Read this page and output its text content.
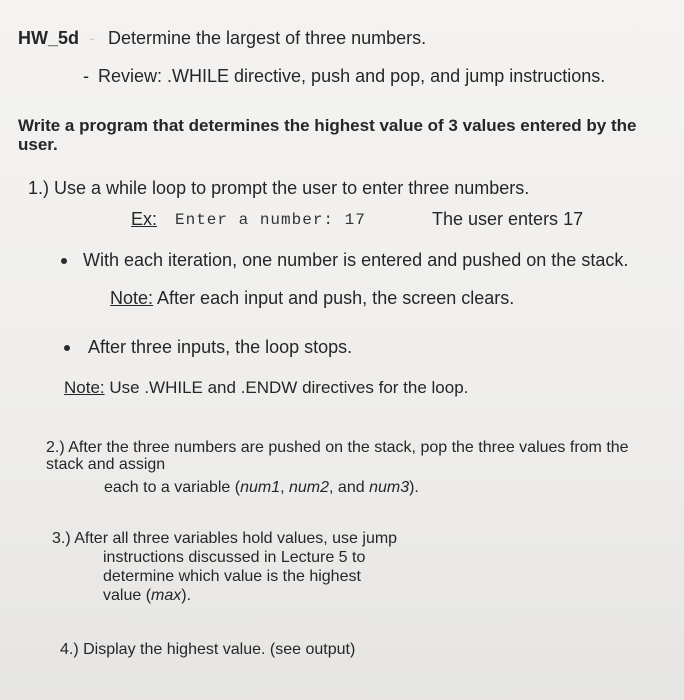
HW_5d - Determine the largest of three numbers.
- Review: .WHILE directive, push and pop, and jump instructions.
Write a program that determines the highest value of 3 values entered by the
user.
1.) Use a while loop to prompt the user to enter three numbers.
Ex: Enter a number: 17	The user enters 17
With each iteration, one number is entered and pushed on the stack.
Note: After each input and push, the screen clears.
After three inputs, the loop stops.
Note: Use .WHILE and .ENDW directives for the loop.
2.) After the three numbers are pushed on the stack, pop the three values from the
stack and assign
each to a variable (num1, num2, and num3).
3.) After all three variables hold values, use jump
instructions discussed in Lecture 5 to
determine which value is the highest
value (max).
4.) Display the highest value. (see output)
